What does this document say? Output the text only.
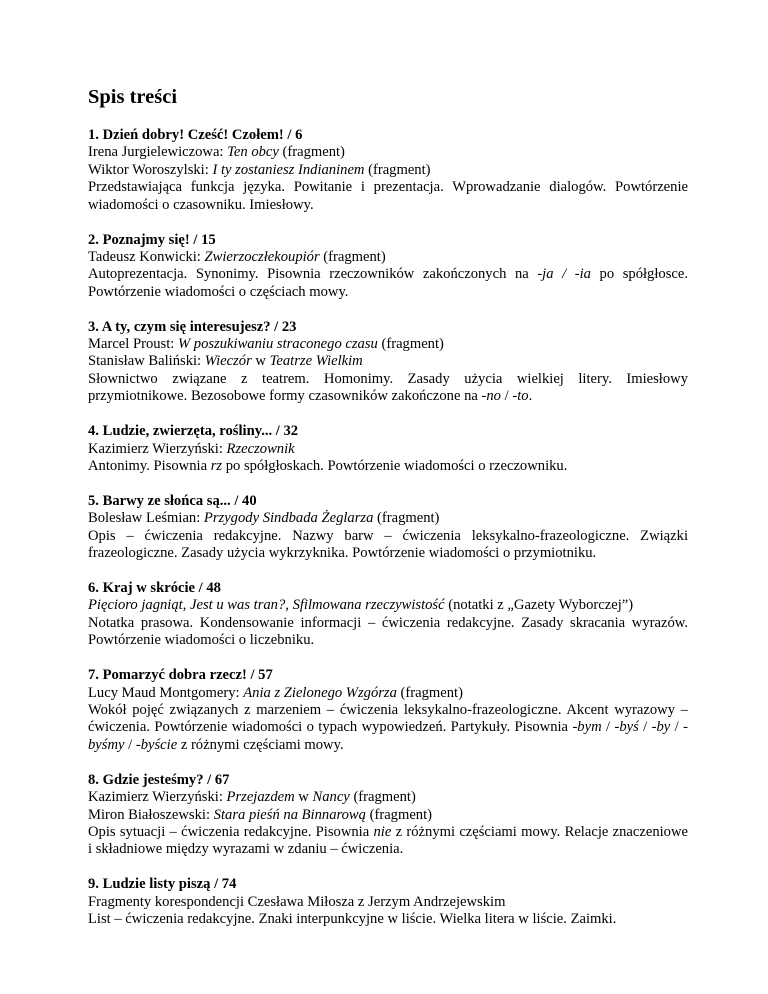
Spis treści
1. Dzień dobry! Cześć! Czołem! / 6
Irena Jurgielewiczowa: Ten obcy (fragment)
Wiktor Woroszylski: I ty zostaniesz Indianinem (fragment)
Przedstawiająca funkcja języka. Powitanie i prezentacja. Wprowadzanie dialogów. Powtórzenie wiadomości o czasowniku. Imiesłowy.
2. Poznajmy się! / 15
Tadeusz Konwicki: Zwierzoczłekoupiór (fragment)
Autoprezentacja. Synonimy. Pisownia rzeczowników zakończonych na -ja / -ia po spółgłosce. Powtórzenie wiadomości o częściach mowy.
3. A ty, czym się interesujesz? / 23
Marcel Proust: W poszukiwaniu straconego czasu (fragment)
Stanisław Baliński: Wieczór w Teatrze Wielkim
Słownictwo związane z teatrem. Homonimy. Zasady użycia wielkiej litery. Imiesłowy przymiotnikowe. Bezosobowe formy czasowników zakończone na -no / -to.
4. Ludzie, zwierzęta, rośliny... / 32
Kazimierz Wierzyński: Rzeczownik
Antonimy. Pisownia rz po spółgłoskach. Powtórzenie wiadomości o rzeczowniku.
5. Barwy ze słońca są... / 40
Bolesław Leśmian: Przygody Sindbada Żeglarza (fragment)
Opis – ćwiczenia redakcyjne. Nazwy barw – ćwiczenia leksykalno-frazeologiczne. Związki frazeologiczne. Zasady użycia wykrzyknika. Powtórzenie wiadomości o przymiotniku.
6. Kraj w skrócie / 48
Pięcioro jagniąt, Jest u was tran?, Sfilmowana rzeczywistość (notatki z „Gazety Wyborczej”)
Notatka prasowa. Kondensowanie informacji – ćwiczenia redakcyjne. Zasady skracania wyrazów. Powtórzenie wiadomości o liczebniku.
7. Pomarzyć dobra rzecz! / 57
Lucy Maud Montgomery: Ania z Zielonego Wzgórza (fragment)
Wokół pojęć związanych z marzeniem – ćwiczenia leksykalno-frazeologiczne. Akcent wyrazowy – ćwiczenia. Powtórzenie wiadomości o typach wypowiedzeń. Partykuły. Pisownia -bym / -byś / -by / -byśmy / -byście z różnymi częściami mowy.
8. Gdzie jesteśmy? / 67
Kazimierz Wierzyński: Przejazdem w Nancy (fragment)
Miron Białoszewski: Stara pieśń na Binnarową (fragment)
Opis sytuacji – ćwiczenia redakcyjne. Pisownia nie z różnymi częściami mowy. Relacje znaczeniowe i składniowe między wyrazami w zdaniu – ćwiczenia.
9. Ludzie listy piszą / 74
Fragmenty korespondencji Czesława Miłosza z Jerzym Andrzejewskim
List – ćwiczenia redakcyjne. Znaki interpunkcyjne w liście. Wielka litera w liście. Zaimki.
